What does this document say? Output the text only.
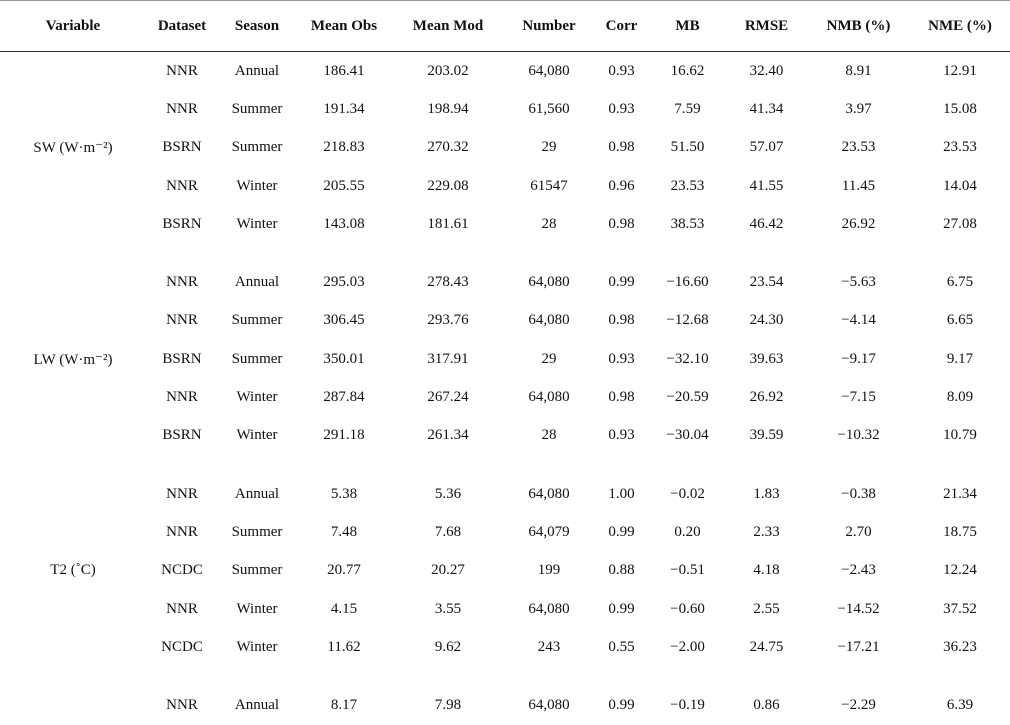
Variable	Dataset	Season	Mean Obs	Mean Mod	Number	Corr	MB	RMSE	NMB (%)	NME (%)
SW (W·m⁻²)	NNR	Annual	186.41	203.02	64,080	0.93	16.62	32.40	8.91	12.91
	NNR	Summer	191.34	198.94	61,560	0.93	7.59	41.34	3.97	15.08
	BSRN	Summer	218.83	270.32	29	0.98	51.50	57.07	23.53	23.53
	NNR	Winter	205.55	229.08	61547	0.96	23.53	41.55	11.45	14.04
	BSRN	Winter	143.08	181.61	28	0.98	38.53	46.42	26.92	27.08

LW (W·m⁻²)	NNR	Annual	295.03	278.43	64,080	0.99	−16.60	23.54	−5.63	6.75
	NNR	Summer	306.45	293.76	64,080	0.98	−12.68	24.30	−4.14	6.65
	BSRN	Summer	350.01	317.91	29	0.93	−32.10	39.63	−9.17	9.17
	NNR	Winter	287.84	267.24	64,080	0.98	−20.59	26.92	−7.15	8.09
	BSRN	Winter	291.18	261.34	28	0.93	−30.04	39.59	−10.32	10.79

T2 (˚C)	NNR	Annual	5.38	5.36	64,080	1.00	−0.02	1.83	−0.38	21.34
	NNR	Summer	7.48	7.68	64,079	0.99	0.20	2.33	2.70	18.75
	NCDC	Summer	20.77	20.27	199	0.88	−0.51	4.18	−2.43	12.24
	NNR	Winter	4.15	3.55	64,080	0.99	−0.60	2.55	−14.52	37.52
	NCDC	Winter	11.62	9.62	243	0.55	−2.00	24.75	−17.21	36.23

	NNR	Annual	8.17	7.98	64,080	0.99	−0.19	0.86	−2.29	6.39
